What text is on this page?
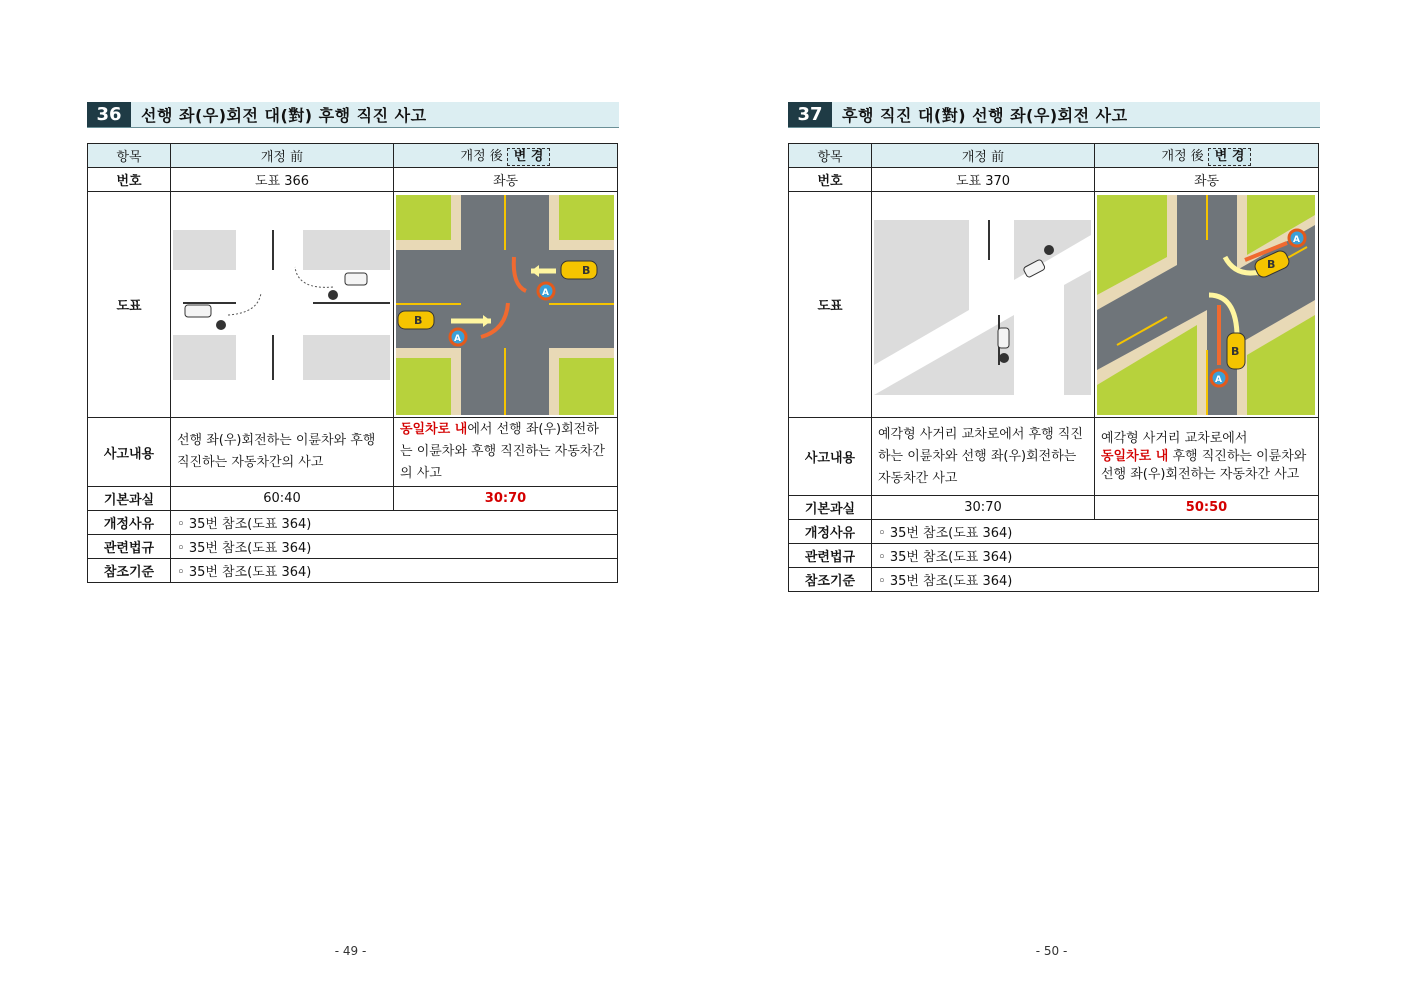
36	선행 좌(우)회전 대(對) 후행 직진 사고
항목	개정 前	개정 後 변 경
번호	도표 366	좌동
도표		B
B
A
A

사고내용	선행 좌(우)회전하는 이륜차와 후행 직진하는 자동차간의 사고	동일차로 내에서 선행 좌(우)회전하는 이륜차와 후행 직진하는 자동차간의 사고
기본과실	60:40	30:70
개정사유	◦ 35번 참조(도표 364)
관련법규	◦ 35번 참조(도표 364)
참조기준	◦ 35번 참조(도표 364)
- 49 -
37	후행 직진 대(對) 선행 좌(우)회전 사고
항목	개정 前	개정 後 변 경
번호	도표 370	좌동
도표		B
B
A
A

사고내용	예각형 사거리 교차로에서 후행 직진하는 이륜차와 선행 좌(우)회전하는 자동차간 사고	예각형 사거리 교차로에서
동일차로 내 후행 직진하는 이륜차와 선행 좌(우)회전하는 자동차간 사고
기본과실	30:70	50:50
개정사유	◦ 35번 참조(도표 364)
관련법규	◦ 35번 참조(도표 364)
참조기준	◦ 35번 참조(도표 364)
- 50 -
